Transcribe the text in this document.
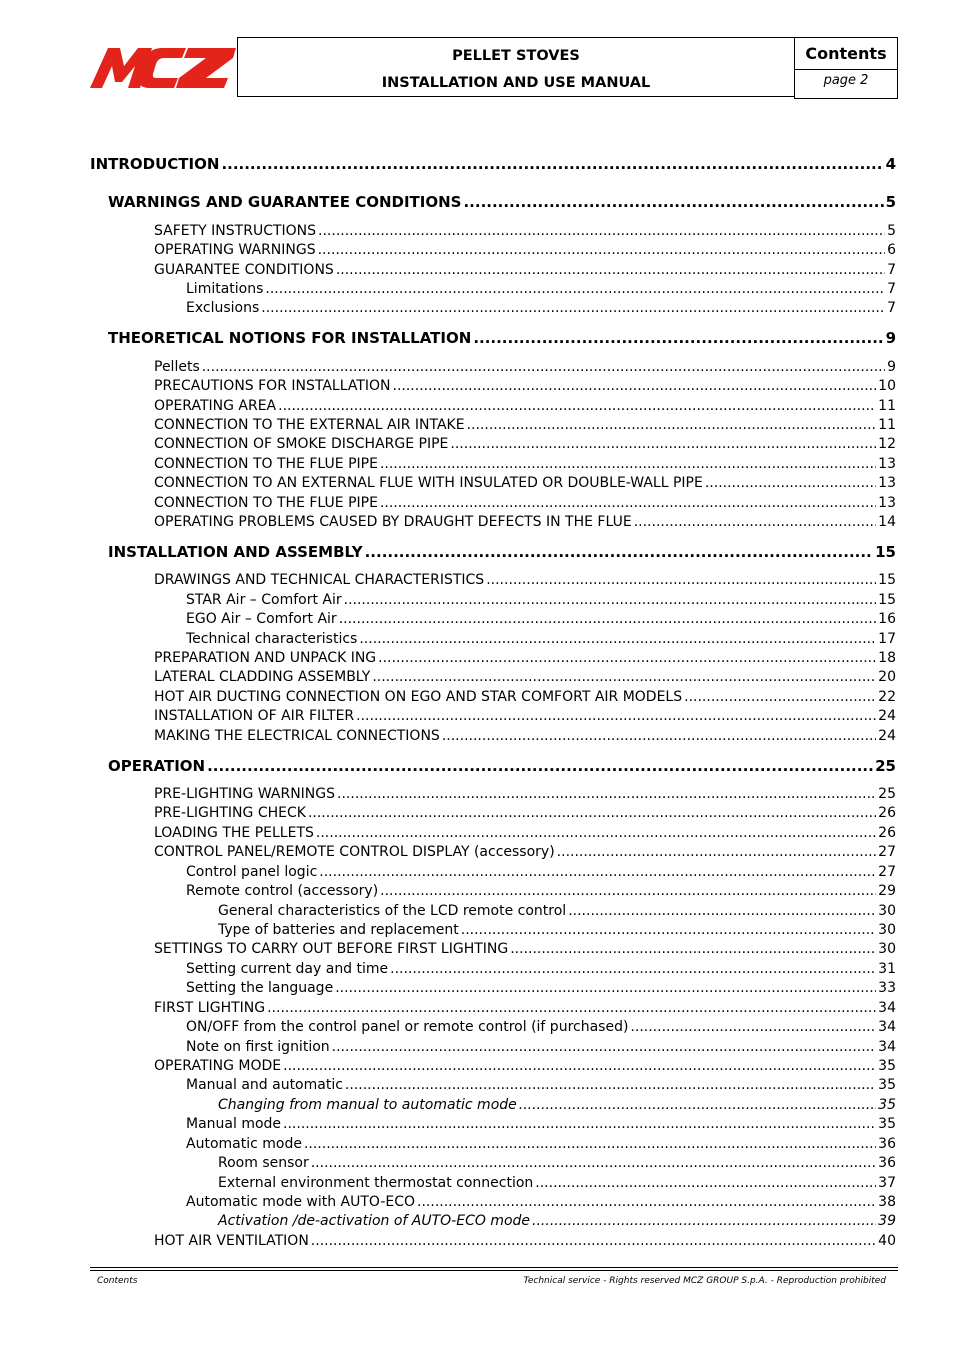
PELLET STOVES
INSTALLATION AND USE MANUAL
Contents
page 2
INTRODUCTION .....	4
WARNINGS AND GUARANTEE CONDITIONS .....	5
SAFETY INSTRUCTIONS .....	5
OPERATING WARNINGS .....	6
GUARANTEE CONDITIONS .....	7
Limitations .....	7
Exclusions .....	7
THEORETICAL NOTIONS FOR INSTALLATION .....	9
Pellets .....	9
PRECAUTIONS FOR INSTALLATION .....	10
OPERATING AREA .....	11
CONNECTION TO THE EXTERNAL AIR INTAKE .....	11
CONNECTION OF SMOKE DISCHARGE PIPE .....	12
CONNECTION TO THE FLUE PIPE .....	13
CONNECTION TO AN EXTERNAL FLUE WITH INSULATED OR DOUBLE-WALL PIPE .....	13
CONNECTION TO THE FLUE PIPE .....	13
OPERATING PROBLEMS CAUSED BY DRAUGHT DEFECTS IN THE FLUE .....	14
INSTALLATION AND ASSEMBLY .....	15
DRAWINGS AND TECHNICAL CHARACTERISTICS .....	15
STAR Air – Comfort Air .....	15
EGO Air – Comfort Air .....	16
Technical characteristics .....	17
PREPARATION AND UNPACK ING .....	18
LATERAL CLADDING ASSEMBLY .....	20
HOT AIR DUCTING CONNECTION ON EGO AND STAR COMFORT AIR MODELS .....	22
INSTALLATION OF AIR FILTER .....	24
MAKING THE ELECTRICAL CONNECTIONS .....	24
OPERATION .....	25
PRE-LIGHTING WARNINGS .....	25
PRE-LIGHTING CHECK .....	26
LOADING THE PELLETS .....	26
CONTROL PANEL/REMOTE CONTROL DISPLAY (accessory) .....	27
Control panel logic .....	27
Remote control (accessory) .....	29
General characteristics of the LCD remote control .....	30
Type of batteries and replacement .....	30
SETTINGS TO CARRY OUT BEFORE FIRST LIGHTING .....	30
Setting current day and time .....	31
Setting the language .....	33
FIRST LIGHTING .....	34
ON/OFF from the control panel or remote control (if purchased) .....	34
Note on first ignition .....	34
OPERATING MODE .....	35
Manual and automatic .....	35
Changing from manual to automatic mode .....	35
Manual mode .....	35
Automatic mode .....	36
Room sensor .....	36
External environment thermostat connection .....	37
Automatic mode with AUTO-ECO .....	38
Activation /de-activation of AUTO-ECO mode .....	39
HOT AIR VENTILATION .....	40
Contents	Technical service - Rights reserved MCZ GROUP S.p.A. - Reproduction prohibited
